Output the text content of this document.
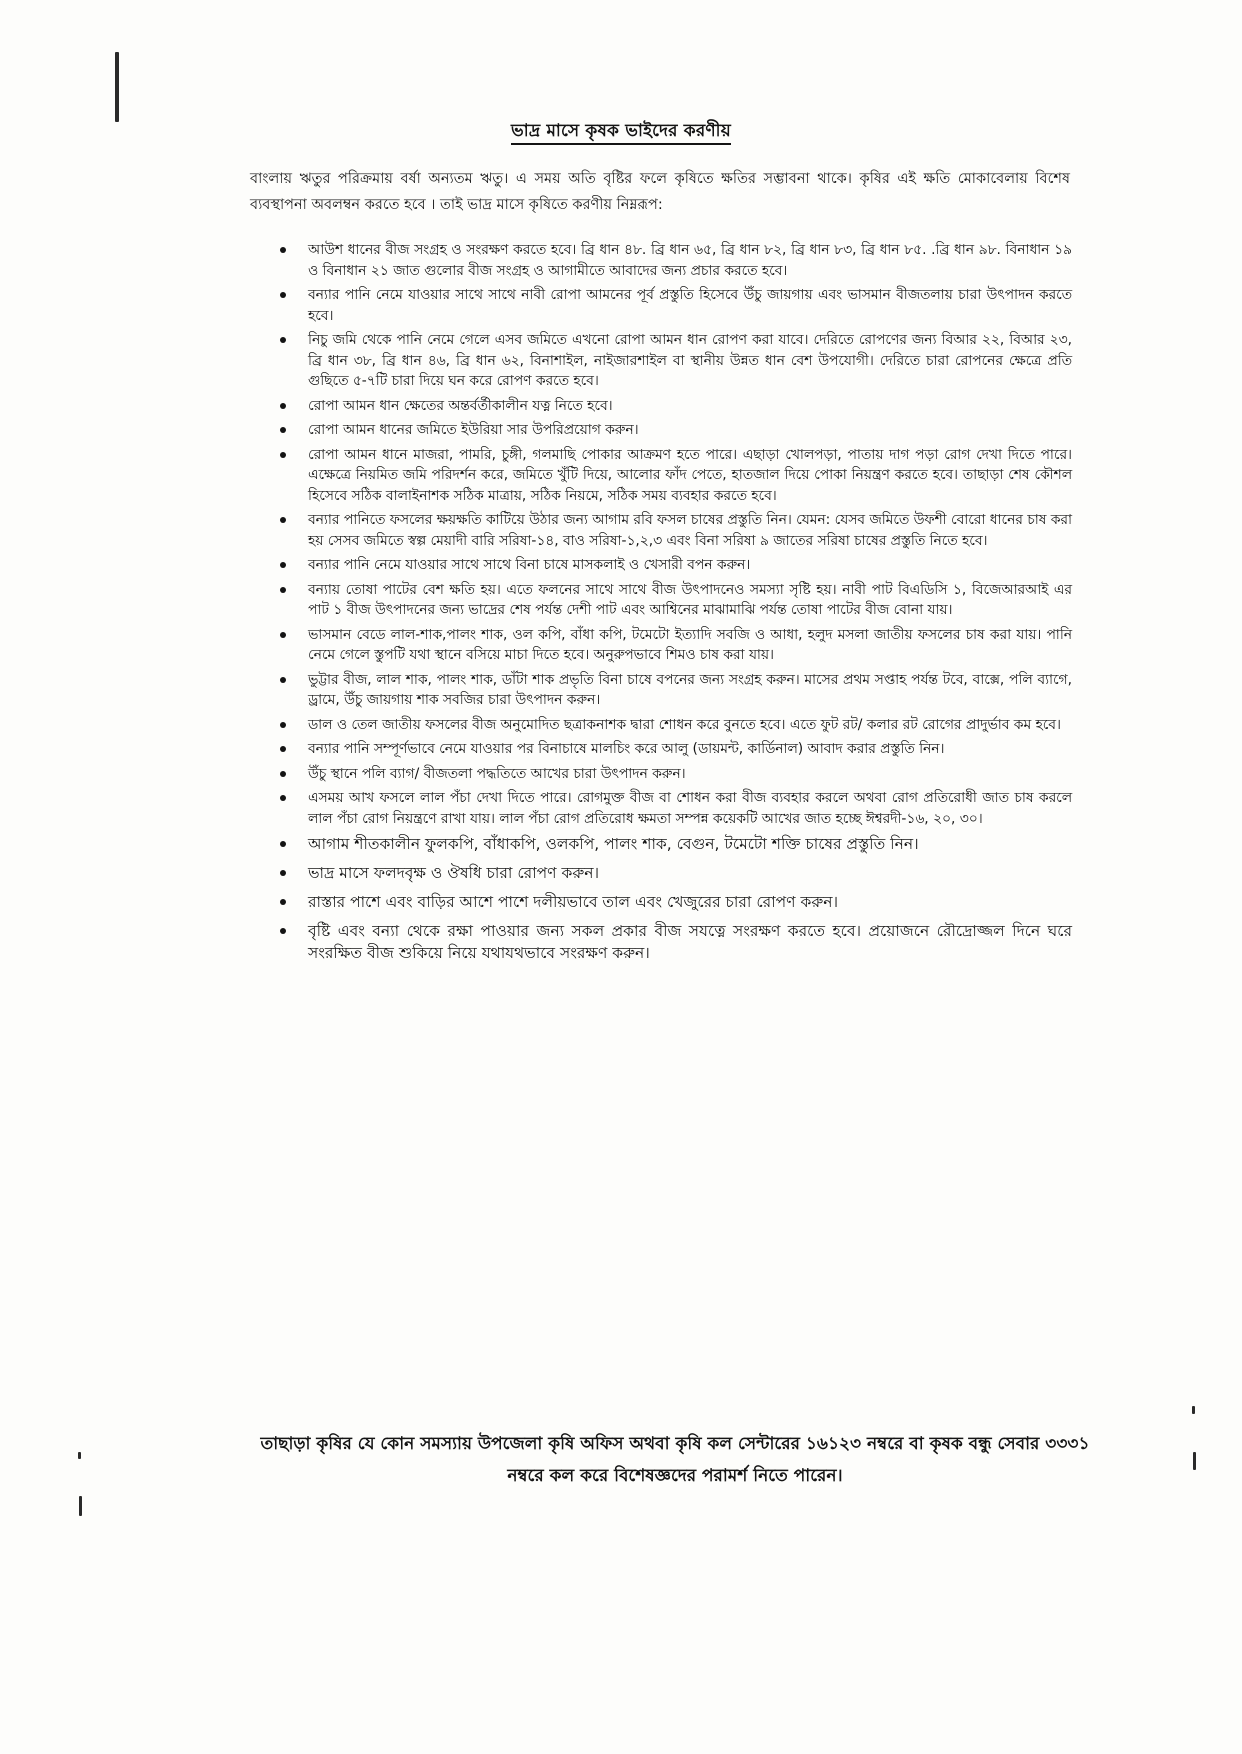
ভাদ্র মাসে কৃষক ভাইদের করণীয়

বাংলায় ঋতুর পরিক্রমায় বর্ষা অন্যতম ঋতু। এ সময় অতি বৃষ্টির ফলে কৃষিতে ক্ষতির সম্ভাবনা থাকে। কৃষির এই ক্ষতি মোকাবেলায় বিশেষ ব্যবস্থাপনা অবলম্বন করতে হবে । তাই ভাদ্র মাসে কৃষিতে করণীয় নিম্নরূপ:

আউশ ধানের বীজ সংগ্রহ ও সংরক্ষণ করতে হবে। ব্রি ধান ৪৮. ব্রি ধান ৬৫, ব্রি ধান ৮২, ব্রি ধান ৮৩, ব্রি ধান ৮৫. .ব্রি ধান ৯৮. বিনাধান ১৯ ও বিনাধান ২১ জাত গুলোর বীজ সংগ্রহ ও আগামীতে আবাদের জন্য প্রচার করতে হবে।
বন্যার পানি নেমে যাওয়ার সাথে সাথে নাবী রোপা আমনের পূর্ব প্রস্তুতি হিসেবে উঁচু জায়গায় এবং ভাসমান বীজতলায় চারা উৎপাদন করতে হবে।
নিচু জমি থেকে পানি নেমে গেলে এসব জমিতে এখনো রোপা আমন ধান রোপণ করা যাবে। দেরিতে রোপণের জন্য বিআর ২২, বিআর ২৩, ব্রি ধান ৩৮, ব্রি ধান ৪৬, ব্রি ধান ৬২, বিনাশাইল, নাইজারশাইল বা স্থানীয় উন্নত ধান বেশ উপযোগী। দেরিতে চারা রোপনের ক্ষেত্রে প্রতি গুছিতে ৫-৭টি চারা দিয়ে ঘন করে রোপণ করতে হবে।
রোপা আমন ধান ক্ষেতের অন্তর্বর্তীকালীন যত্ন নিতে হবে।
রোপা আমন ধানের জমিতে ইউরিয়া সার উপরিপ্রয়োগ করুন।
রোপা আমন ধানে মাজরা, পামরি, চুঙ্গী, গলমাছি পোকার আক্রমণ হতে পারে। এছাড়া খোলপড়া, পাতায় দাগ পড়া রোগ দেখা দিতে পারে। এক্ষেত্রে নিয়মিত জমি পরিদর্শন করে, জমিতে খুঁটি দিয়ে, আলোর ফাঁদ পেতে, হাতজাল দিয়ে পোকা নিয়ন্ত্রণ করতে হবে। তাছাড়া শেষ কৌশল হিসেবে সঠিক বালাইনাশক সঠিক মাত্রায়, সঠিক নিয়মে, সঠিক সময় ব্যবহার করতে হবে।
বন্যার পানিতে ফসলের ক্ষয়ক্ষতি কাটিয়ে উঠার জন্য আগাম রবি ফসল চাষের প্রস্তুতি নিন। যেমন: যেসব জমিতে উফশী বোরো ধানের চাষ করা হয় সেসব জমিতে স্বল্প মেয়াদী বারি সরিষা-১৪, বাও সরিষা-১,২,৩ এবং বিনা সরিষা ৯ জাতের সরিষা চাষের প্রস্তুতি নিতে হবে।
বন্যার পানি নেমে যাওয়ার সাথে সাথে বিনা চাষে মাসকলাই ও খেসারী বপন করুন।
বন্যায় তোষা পাটের বেশ ক্ষতি হয়। এতে ফলনের সাথে সাথে বীজ উৎপাদনেও সমস্যা সৃষ্টি হয়। নাবী পাট বিএডিসি ১, বিজেআরআই এর পাট ১ বীজ উৎপাদনের জন্য ভাদ্রের শেষ পর্যন্ত দেশী পাট এবং আশ্বিনের মাঝামাঝি পর্যন্ত তোষা পাটের বীজ বোনা যায়।
ভাসমান বেডে লাল-শাক,পালং শাক, ওল কপি, বাঁধা কপি, টমেটো ইত্যাদি সবজি ও আধা, হলুদ মসলা জাতীয় ফসলের চাষ করা যায়। পানি নেমে গেলে স্তুপটি যথা স্থানে বসিয়ে মাচা দিতে হবে। অনুরুপভাবে শিমও চাষ করা যায়।
ভুট্টার বীজ, লাল শাক, পালং শাক, ডাঁটা শাক প্রভৃতি বিনা চাষে বপনের জন্য সংগ্রহ করুন। মাসের প্রথম সপ্তাহ পর্যন্ত টবে, বাক্সে, পলি ব্যাগে, ড্রামে, উঁচু জায়গায় শাক সবজির চারা উৎপাদন করুন।
ডাল ও তেল জাতীয় ফসলের বীজ অনুমোদিত ছত্রাকনাশক দ্বারা শোধন করে বুনতে হবে। এতে ফুট রট/ কলার রট রোগের প্রাদুর্ভাব কম হবে।
বন্যার পানি সম্পূর্ণভাবে নেমে যাওয়ার পর বিনাচাষে মালচিং করে আলু (ডায়মন্ট, কার্ডিনাল) আবাদ করার প্রস্তুতি নিন।
উঁচু স্থানে পলি ব্যাগ/ বীজতলা পদ্ধতিতে আখের চারা উৎপাদন করুন।
এসময় আখ ফসলে লাল পঁচা দেখা দিতে পারে। রোগমুক্ত বীজ বা শোধন করা বীজ ব্যবহার করলে অথবা রোগ প্রতিরোধী জাত চাষ করলে লাল পঁচা রোগ নিয়ন্ত্রণে রাখা যায়। লাল পঁচা রোগ প্রতিরোধ ক্ষমতা সম্পন্ন কয়েকটি আখের জাত হচ্ছে ঈশ্বরদী-১৬, ২০, ৩০।
আগাম শীতকালীন ফুলকপি, বাঁধাকপি, ওলকপি, পালং শাক, বেগুন, টমেটো শক্তি চাষের প্রস্তুতি নিন।
ভাদ্র মাসে ফলদবৃক্ষ ও ঔষধি চারা রোপণ করুন।
রাস্তার পাশে এবং বাড়ির আশে পাশে দলীয়ভাবে তাল এবং খেজুরের চারা রোপণ করুন।
বৃষ্টি এবং বন্যা থেকে রক্ষা পাওয়ার জন্য সকল প্রকার বীজ সযত্নে সংরক্ষণ করতে হবে। প্রয়োজনে রৌদ্রোজ্জল দিনে ঘরে সংরক্ষিত বীজ শুকিয়ে নিয়ে যথাযথভাবে সংরক্ষণ করুন।

তাছাড়া কৃষির যে কোন সমস্যায় উপজেলা কৃষি অফিস অথবা কৃষি কল সেন্টারের ১৬১২৩ নম্বরে বা কৃষক বন্ধু সেবার ৩৩৩১ নম্বরে কল করে বিশেষজ্ঞদের পরামর্শ নিতে পারেন।
